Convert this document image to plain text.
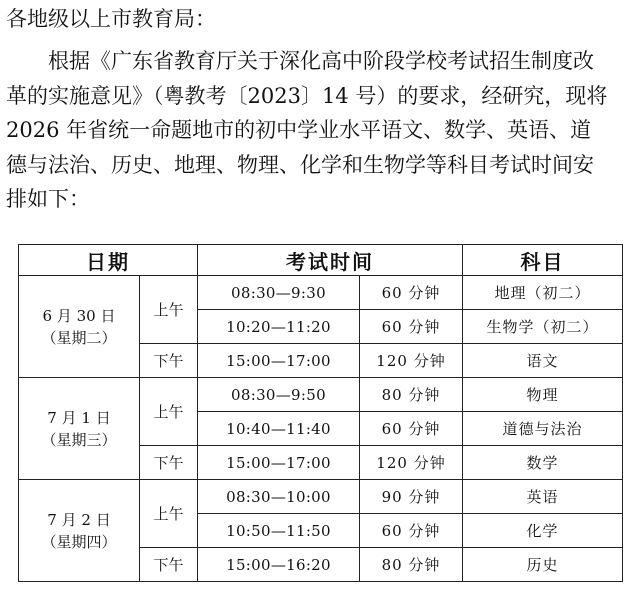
各地级以上市教育局：
根据《广东省教育厅关于深化高中阶段学校考试招生制度改
革的实施意见》（粤教考〔2023〕14 号）的要求，经研究，现将
2026 年省统一命题地市的初中学业水平语文、数学、英语、道
德与法治、历史、地理、物理、化学和生物学等科目考试时间安
排如下：
日期		考试时间		科目

6 月 30 日
（星期二）	上午	08:30—9:30	60 分钟	地理（初二）
		10:20—11:20	60 分钟	生物学（初二）
	下午	15:00—17:00	120 分钟	语文

7 月 1 日
（星期三）	上午	08:30—9:50	80 分钟	物理
		10:40—11:40	60 分钟	道德与法治
	下午	15:00—17:00	120 分钟	数学

7 月 2 日
（星期四）	上午	08:30—10:00	90 分钟	英语
		10:50—11:50	60 分钟	化学
	下午	15:00—16:20	80 分钟	历史
